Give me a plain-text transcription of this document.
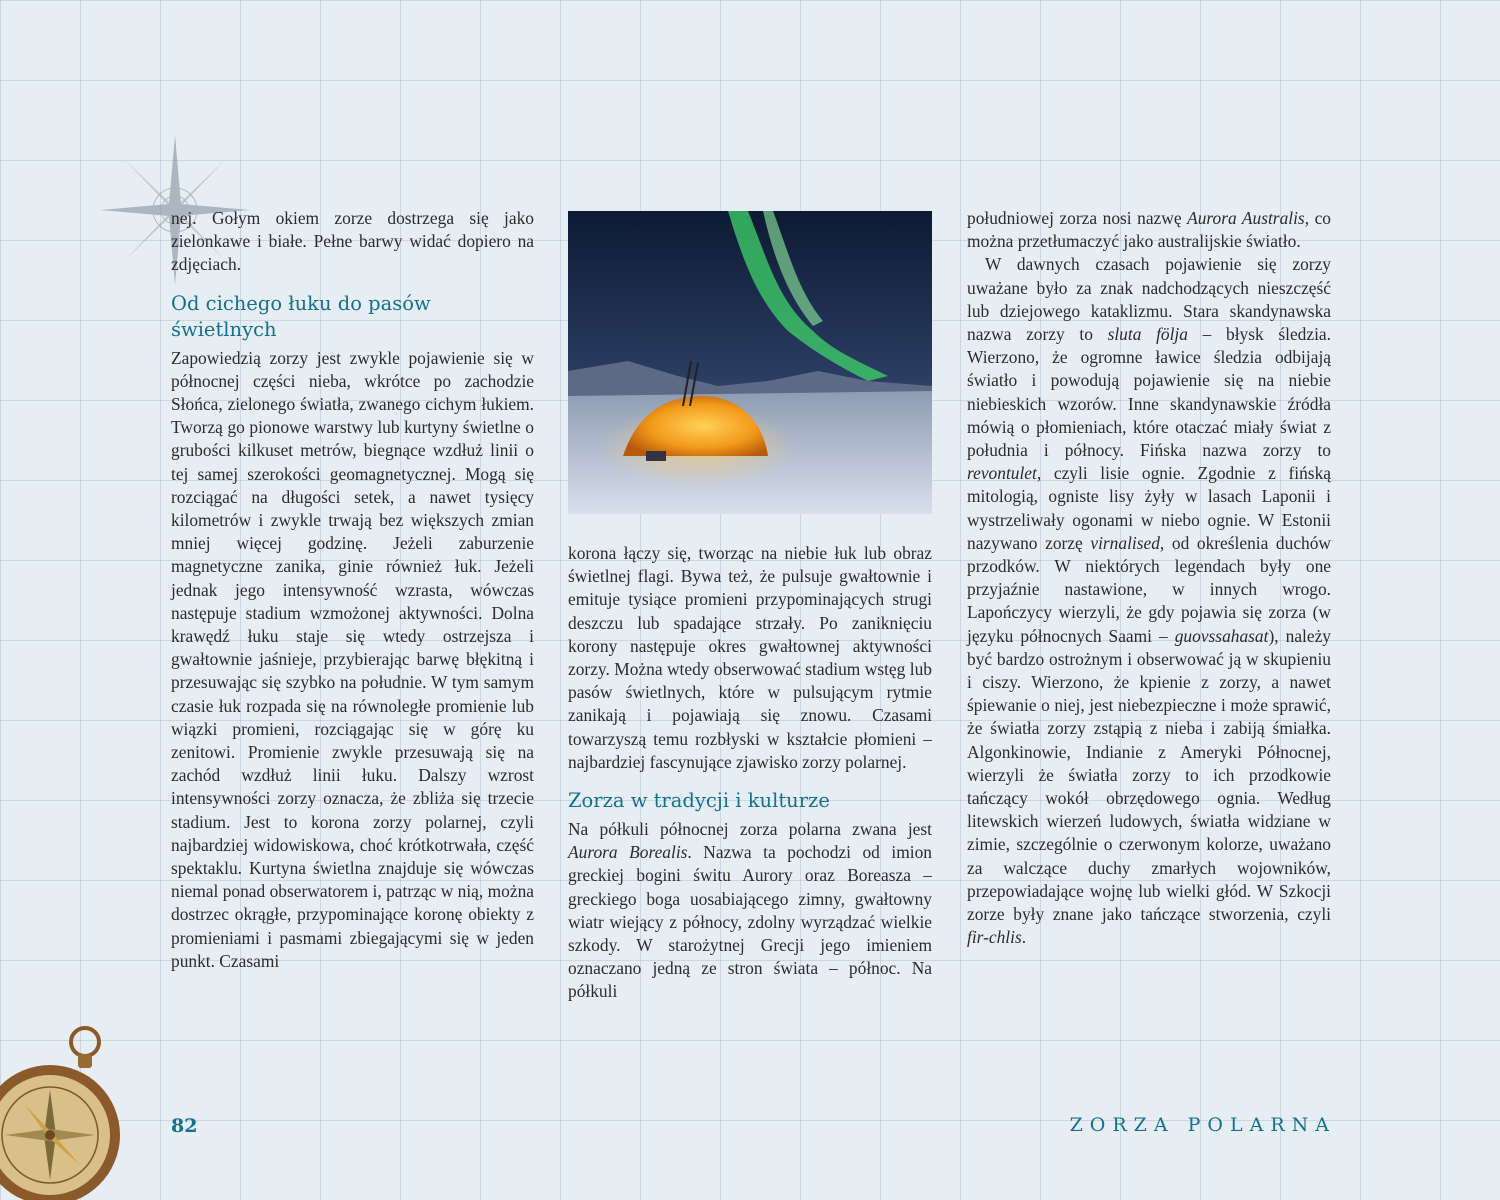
nej. Gołym okiem zorze dostrzega się jako zielonkawe i białe. Pełne barwy widać dopiero na zdjęciach.

Od cichego łuku do pasów świetlnych

Zapowiedzią zorzy jest zwykle pojawienie się w północnej części nieba, wkrótce po zachodzie Słońca, zielonego światła, zwanego cichym łukiem. Tworzą go pionowe warstwy lub kurtyny świetlne o grubości kilkuset metrów, biegnące wzdłuż linii o tej samej szerokości geomagnetycznej. Mogą się rozciągać na długości setek, a nawet tysięcy kilometrów i zwykle trwają bez większych zmian mniej więcej godzinę. Jeżeli zaburzenie magnetyczne zanika, ginie również łuk. Jeżeli jednak jego intensywność wzrasta, wówczas następuje stadium wzmożonej aktywności. Dolna krawędź łuku staje się wtedy ostrzejsza i gwałtownie jaśnieje, przybierając barwę błękitną i przesuwając się szybko na południe. W tym samym czasie łuk rozpada się na równoległe promienie lub wiązki promieni, rozciągając się w górę ku zenitowi. Promienie zwykle przesuwają się na zachód wzdłuż linii łuku. Dalszy wzrost intensywności zorzy oznacza, że zbliża się trzecie stadium. Jest to korona zorzy polarnej, czyli najbardziej widowiskowa, choć krótkotrwała, część spektaklu. Kurtyna świetlna znajduje się wówczas niemal ponad obserwatorem i, patrząc w nią, można dostrzec okrągłe, przypominające koronę obiekty z promieniami i pasmami zbiegającymi się w jeden punkt. Czasami

korona łączy się, tworząc na niebie łuk lub obraz świetlnej flagi. Bywa też, że pulsuje gwałtownie i emituje tysiące promieni przypominających strugi deszczu lub spadające strzały. Po zaniknięciu korony następuje okres gwałtownej aktywności zorzy. Można wtedy obserwować stadium wstęg lub pasów świetlnych, które w pulsującym rytmie zanikają i pojawiają się znowu. Czasami towarzyszą temu rozbłyski w kształcie płomieni – najbardziej fascynujące zjawisko zorzy polarnej.

Zorza w tradycji i kulturze

Na półkuli północnej zorza polarna zwana jest Aurora Borealis. Nazwa ta pochodzi od imion greckiej bogini świtu Aurory oraz Boreasza – greckiego boga uosabiającego zimny, gwałtowny wiatr wiejący z północy, zdolny wyrządzać wielkie szkody. W starożytnej Grecji jego imieniem oznaczano jedną ze stron świata – północ. Na półkuli

południowej zorza nosi nazwę Aurora Australis, co można przetłumaczyć jako australijskie światło.

W dawnych czasach pojawienie się zorzy uważane było za znak nadchodzących nieszczęść lub dziejowego kataklizmu. Stara skandynawska nazwa zorzy to sluta följa – błysk śledzia. Wierzono, że ogromne ławice śledzia odbijają światło i powodują pojawienie się na niebie niebieskich wzorów. Inne skandynawskie źródła mówią o płomieniach, które otaczać miały świat z południa i północy. Fińska nazwa zorzy to revontulet, czyli lisie ognie. Zgodnie z fińską mitologią, ogniste lisy żyły w lasach Laponii i wystrzeliwały ogonami w niebo ognie. W Estonii nazywano zorzę virnalised, od określenia duchów przodków. W niektórych legendach były one przyjaźnie nastawione, w innych wrogo. Lapończycy wierzyli, że gdy pojawia się zorza (w języku północnych Saami – guovssahasat), należy być bardzo ostrożnym i obserwować ją w skupieniu i ciszy. Wierzono, że kpienie z zorzy, a nawet śpiewanie o niej, jest niebezpieczne i może sprawić, że światła zorzy zstąpią z nieba i zabiją śmiałka. Algonkinowie, Indianie z Ameryki Północnej, wierzyli że światła zorzy to ich przodkowie tańczący wokół obrzędowego ognia. Według litewskich wierzeń ludowych, światła widziane w zimie, szczególnie o czerwonym kolorze, uważano za walczące duchy zmarłych wojowników, przepowiadające wojnę lub wielki głód. W Szkocji zorze były znane jako tańczące stworzenia, czyli fir-chlis.

82	ZORZA POLARNA
